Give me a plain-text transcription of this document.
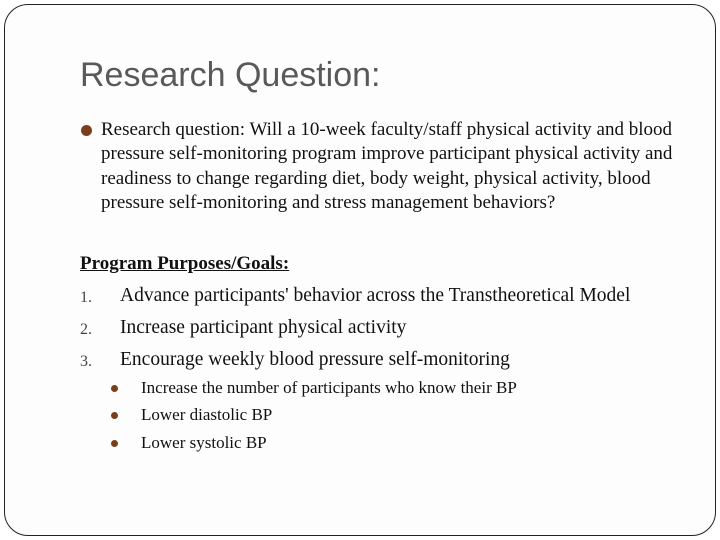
Research Question:

Research question: Will a 10-week faculty/staff physical activity and blood pressure self-monitoring program improve participant physical activity and readiness to change regarding diet, body weight, physical activity, blood pressure self-monitoring and stress management behaviors?

Program Purposes/Goals:

1. Advance participants' behavior across the Transtheoretical Model
2. Increase participant physical activity
3. Encourage weekly blood pressure self-monitoring
Increase the number of participants who know their BP
Lower diastolic BP
Lower systolic BP
